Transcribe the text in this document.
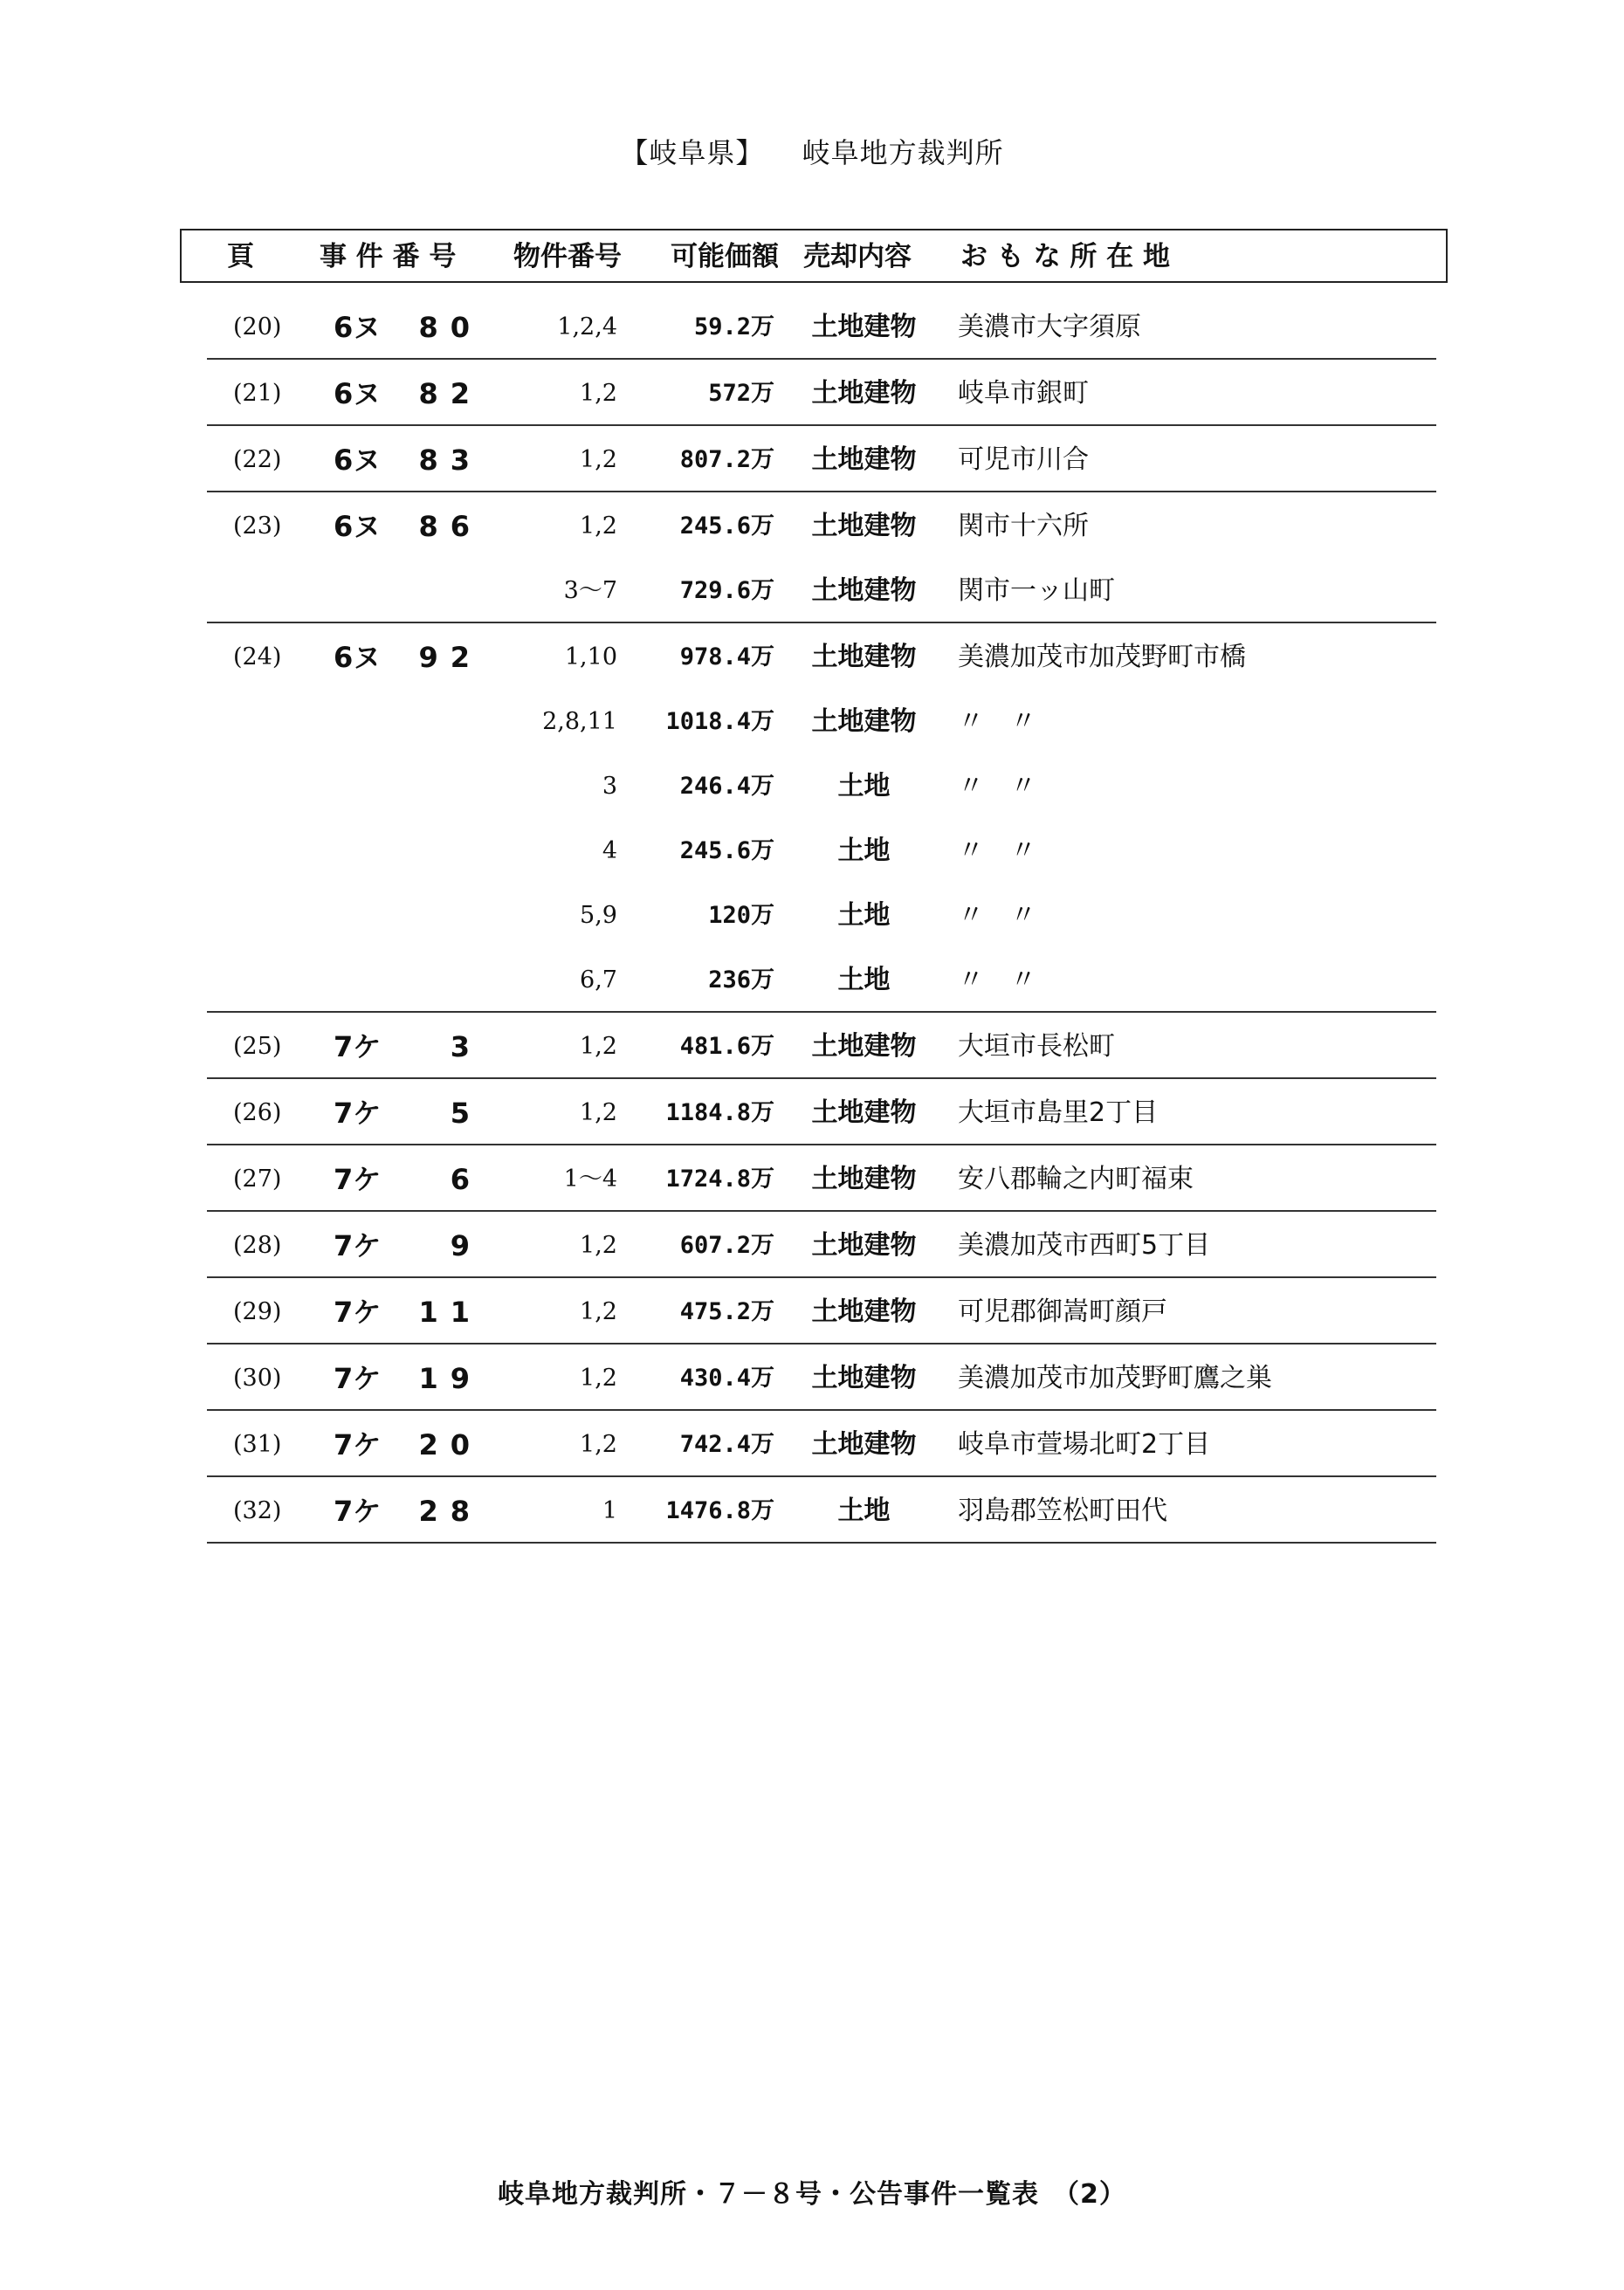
【岐阜県】 岐阜地方裁判所
頁 事 件 番 号 物件番号 可能価額 売却内容 お も な 所 在 地
(20)	6ヌ	80	1,2,4	59.2万 土地建物 美濃市大字須原
(21)	6ヌ	82	1,2	572万 土地建物 岐阜市銀町
(22)	6ヌ	83	1,2	807.2万 土地建物 可児市川合
(23)	6ヌ	86	1,2	245.6万 土地建物 関市十六所
3〜7	729.6万 土地建物 関市一ッ山町
(24)	6ヌ	92	1,10	978.4万 土地建物 美濃加茂市加茂野町市橋
2,8,11	1018.4万 土地建物 〃　〃
3	246.4万	土地	〃　〃
4	245.6万	土地	〃　〃
5,9	120万	土地	〃　〃
6,7	236万	土地	〃　〃
(25)	7ケ	3	1,2	481.6万 土地建物 大垣市長松町
(26)	7ケ	5	1,2	1184.8万 土地建物 大垣市島里2丁目
(27)	7ケ	6	1〜4	1724.8万 土地建物 安八郡輪之内町福束
(28)	7ケ	9	1,2	607.2万 土地建物 美濃加茂市西町5丁目
(29)	7ケ	11	1,2	475.2万 土地建物 可児郡御嵩町顔戸
(30)	7ケ	19	1,2	430.4万 土地建物 美濃加茂市加茂野町鷹之巣
(31)	7ケ	20	1,2	742.4万 土地建物 岐阜市萱場北町2丁目
(32)	7ケ	28	1	1476.8万	土地	羽島郡笠松町田代
岐阜地方裁判所・７－８号・公告事件一覧表　（2）
